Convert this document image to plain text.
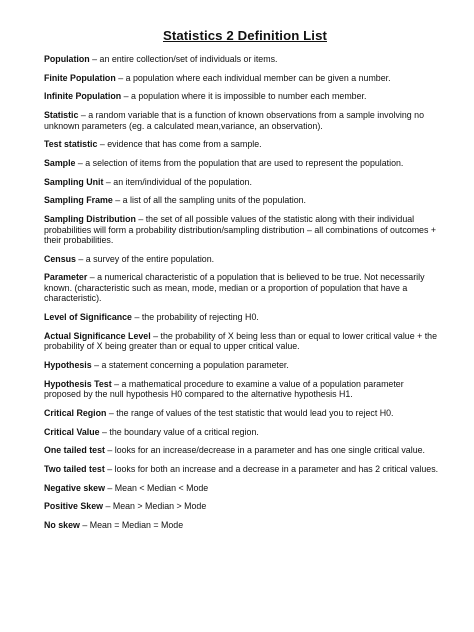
Statistics 2 Definition List

Population – an entire collection/set of individuals or items.

Finite Population – a population where each individual member can be given a number.

Infinite Population – a population where it is impossible to number each member.

Statistic – a random variable that is a function of known observations from a sample involving no unknown parameters (eg. a calculated mean,variance, an observation).

Test statistic – evidence that has come from a sample.

Sample – a selection of items from the population that are used to represent the population.

Sampling Unit – an item/individual of the population.

Sampling Frame – a list of all the sampling units of the population.

Sampling Distribution – the set of all possible values of the statistic along with their individual probabilities will form a probability distribution/sampling distribution – all combinations of outcomes + their probabilities.

Census – a survey of the entire population.

Parameter – a numerical characteristic of a population that is believed to be true. Not necessarily known. (characteristic such as mean, mode, median or a proportion of population that have a characteristic).

Level of Significance – the probability of rejecting H0.

Actual Significance Level – the probability of X being less than or equal to lower critical value + the probability of X being greater than or equal to upper critical value.

Hypothesis – a statement concerning a population parameter.

Hypothesis Test – a mathematical procedure to examine a value of a population parameter proposed by the null hypothesis H0 compared to the alternative hypothesis H1.

Critical Region – the range of values of the test statistic that would lead you to reject H0.

Critical Value – the boundary value of a critical region.

One tailed test – looks for an increase/decrease in a parameter and has one single critical value.

Two tailed test – looks for both an increase and a decrease in a parameter and has 2 critical values.

Negative skew – Mean < Median < Mode

Positive Skew – Mean > Median > Mode

No skew – Mean = Median = Mode
